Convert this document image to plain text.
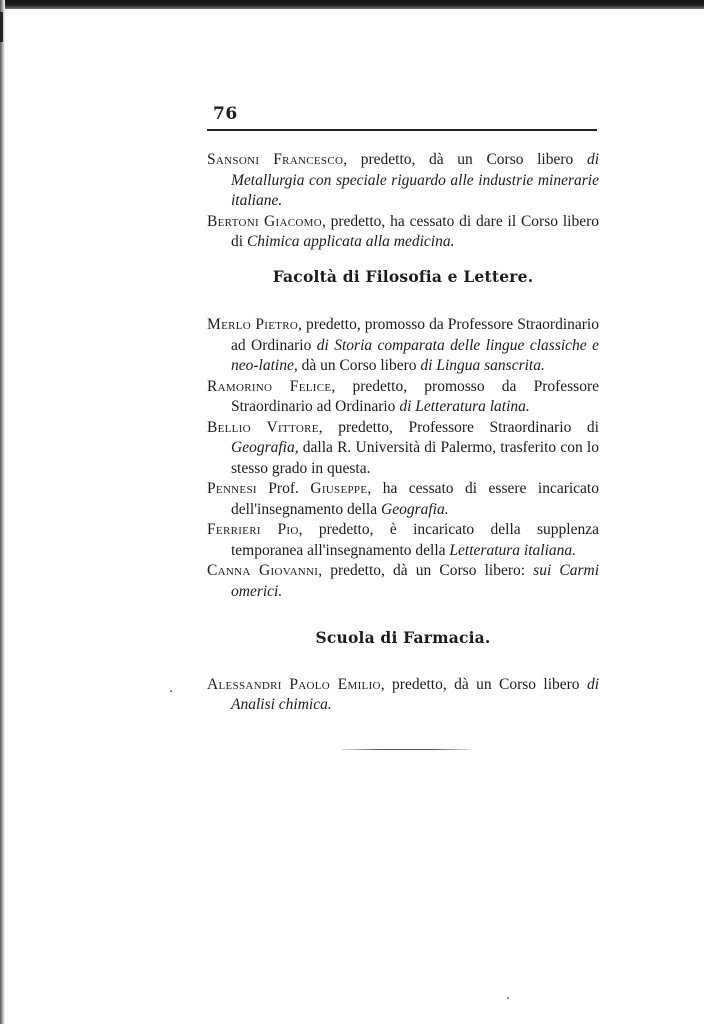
76

Sansoni Francesco, predetto, dà un Corso libero di Metallurgia con speciale riguardo alle industrie minerarie italiane.

Bertoni Giacomo, predetto, ha cessato di dare il Corso libero di Chimica applicata alla medicina.

Facoltà di Filosofia e Lettere.

Merlo Pietro, predetto, promosso da Professore Straordinario ad Ordinario di Storia comparata delle lingue classiche e neo-latine, dà un Corso libero di Lingua sanscrita.

Ramorino Felice, predetto, promosso da Professore Straordinario ad Ordinario di Letteratura latina.

Bellio Vittore, predetto, Professore Straordinario di Geografia, dalla R. Università di Palermo, trasferito con lo stesso grado in questa.

Pennesi Prof. Giuseppe, ha cessato di essere incaricato dell'insegnamento della Geografia.

Ferrieri Pio, predetto, è incaricato della supplenza temporanea all'insegnamento della Letteratura italiana.

Canna Giovanni, predetto, dà un Corso libero: sui Carmi omerici.

Scuola di Farmacia.

Alessandri Paolo Emilio, predetto, dà un Corso libero di Analisi chimica.
